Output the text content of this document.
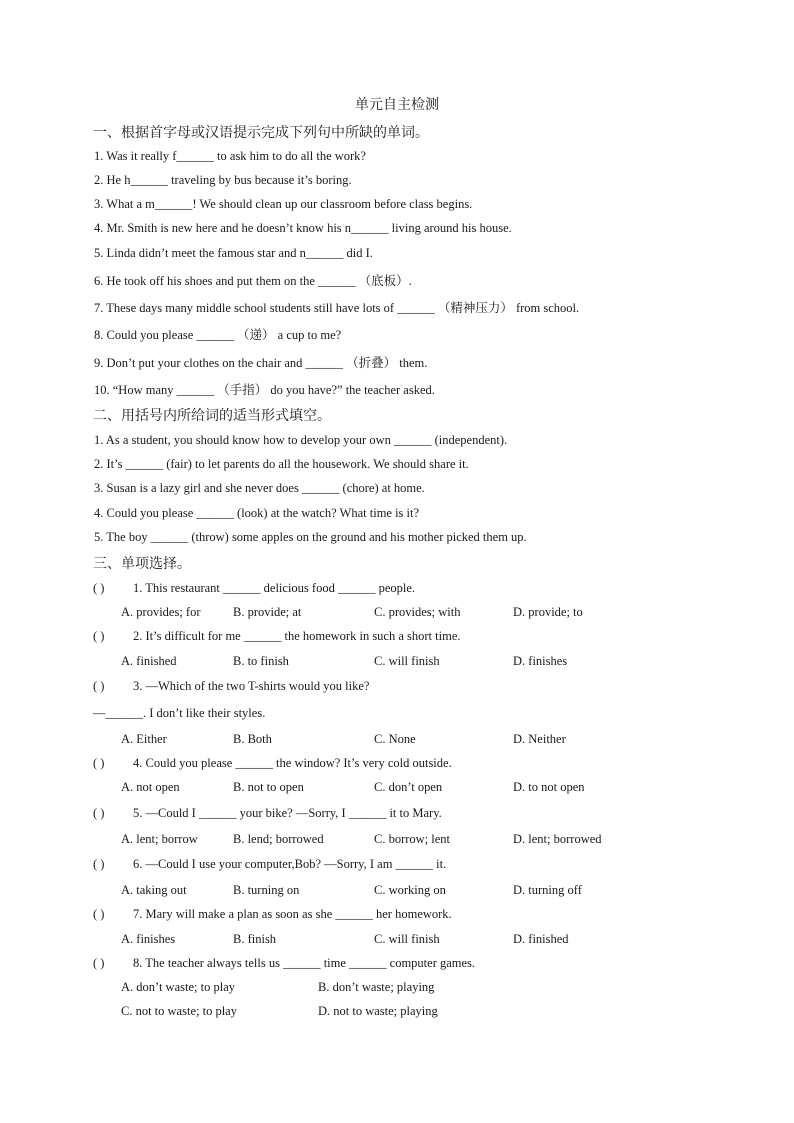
单元自主检测
一、根据首字母或汉语提示完成下列句中所缺的单词。
1. Was it really f______ to ask him to do all the work?
2. He h______ traveling by bus because it’s boring.
3. What a m______! We should clean up our classroom before class begins.
4. Mr. Smith is new here and he doesn’t know his n______ living around his house.
5. Linda didn’t meet the famous star and n______ did I.
6. He took off his shoes and put them on the ______ （底板）.
7. These days many middle school students still have lots of ______ （精神压力） from school.
8. Could you please ______ （递） a cup to me?
9. Don’t put your clothes on the chair and ______ （折叠） them.
10. “How many ______ （手指） do you have?” the teacher asked.
二、用括号内所给词的适当形式填空。
1. As a student, you should know how to develop your own ______ (independent).
2. It’s ______ (fair) to let parents do all the housework. We should share it.
3. Susan is a lazy girl and she never does ______ (chore) at home.
4. Could you please ______ (look) at the watch? What time is it?
5. The boy ______ (throw) some apples on the ground and his mother picked them up.
三、单项选择。
( ) 1. This restaurant ______ delicious food ______ people.
A. provides; for	B. provide; at	C. provides; with	D. provide; to
( ) 2. It’s difficult for me ______ the homework in such a short time.
A. finished	B. to finish	C. will finish	D. finishes
( ) 3. —Which of the two T-shirts would you like?
—______. I don’t like their styles.
A. Either	B. Both	C. None	D. Neither
( ) 4. Could you please ______ the window? It’s very cold outside.
A. not open	B. not to open	C. don’t open	D. to not open
( ) 5. —Could I ______ your bike? —Sorry, I ______ it to Mary.
A. lent; borrow	B. lend; borrowed	C. borrow; lent	D. lent; borrowed
( ) 6. —Could I use your computer,Bob? —Sorry, I am ______ it.
A. taking out	B. turning on	C. working on	D. turning off
( ) 7. Mary will make a plan as soon as she ______ her homework.
A. finishes	B. finish	C. will finish	D. finished
( ) 8. The teacher always tells us ______ time ______ computer games.
A. don’t waste; to play	B. don’t waste; playing
C. not to waste; to play	D. not to waste; playing
